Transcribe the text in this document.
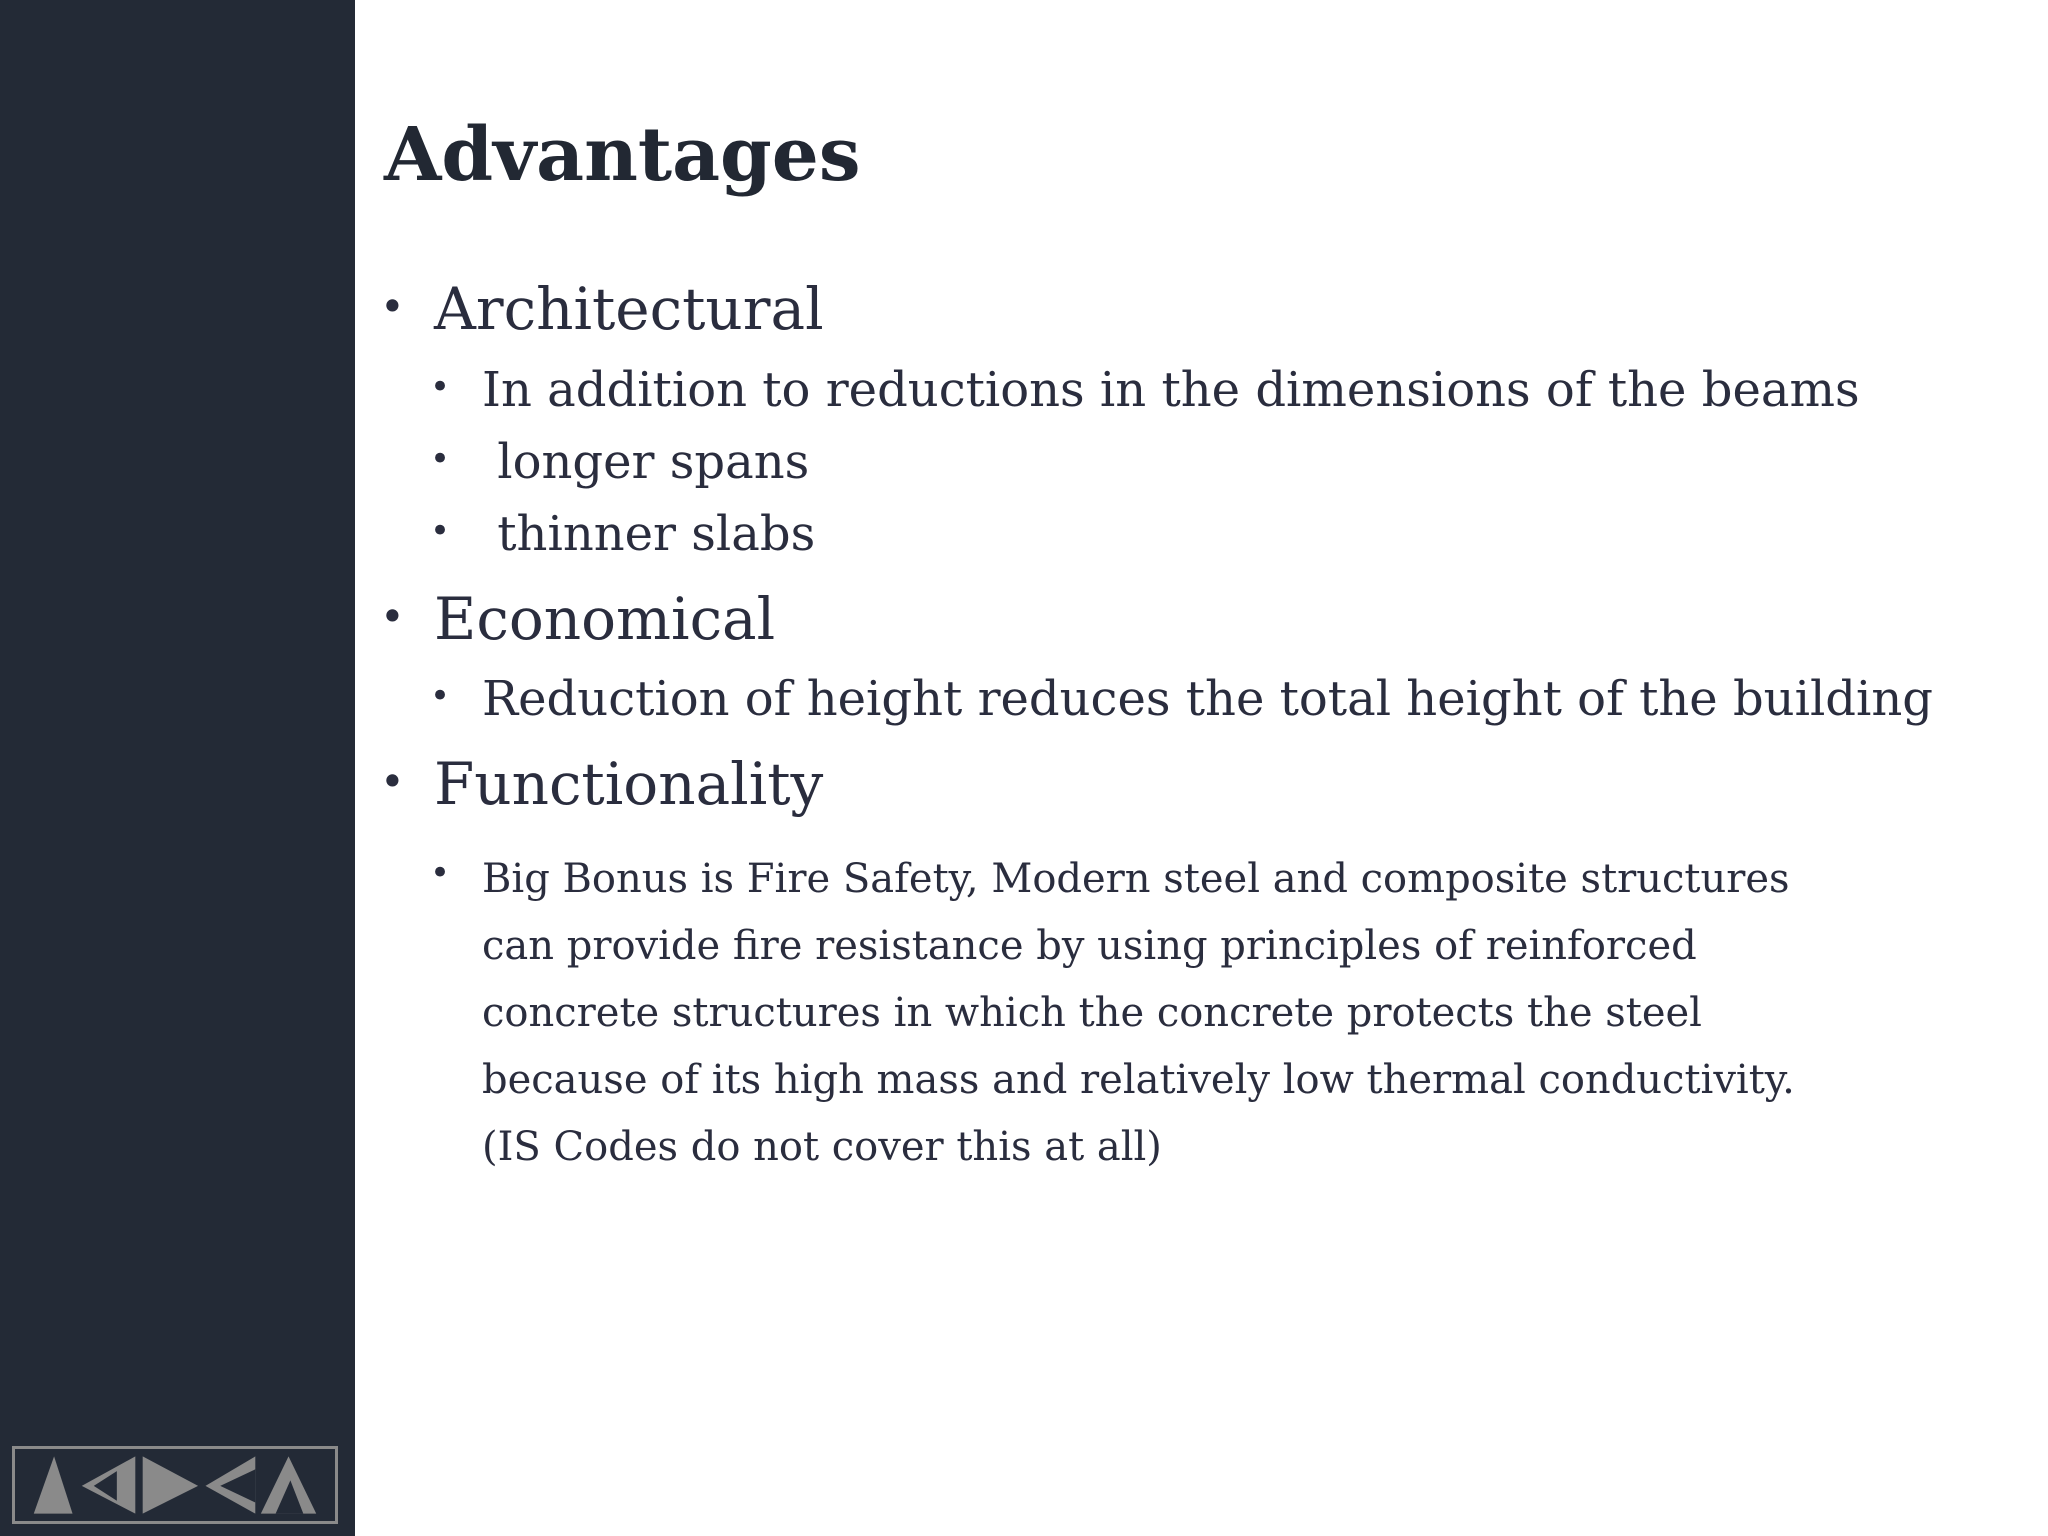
Advantages
• Architectural
• In addition to reductions in the dimensions of the beams
• longer spans
• thinner slabs
• Economical
• Reduction of height reduces the total height of the building
• Functionality
• Big Bonus is Fire Safety, Modern steel and composite structures can provide fire resistance by using principles of reinforced concrete structures in which the concrete protects the steel because of its high mass and relatively low thermal conductivity. (IS Codes do not cover this at all)
